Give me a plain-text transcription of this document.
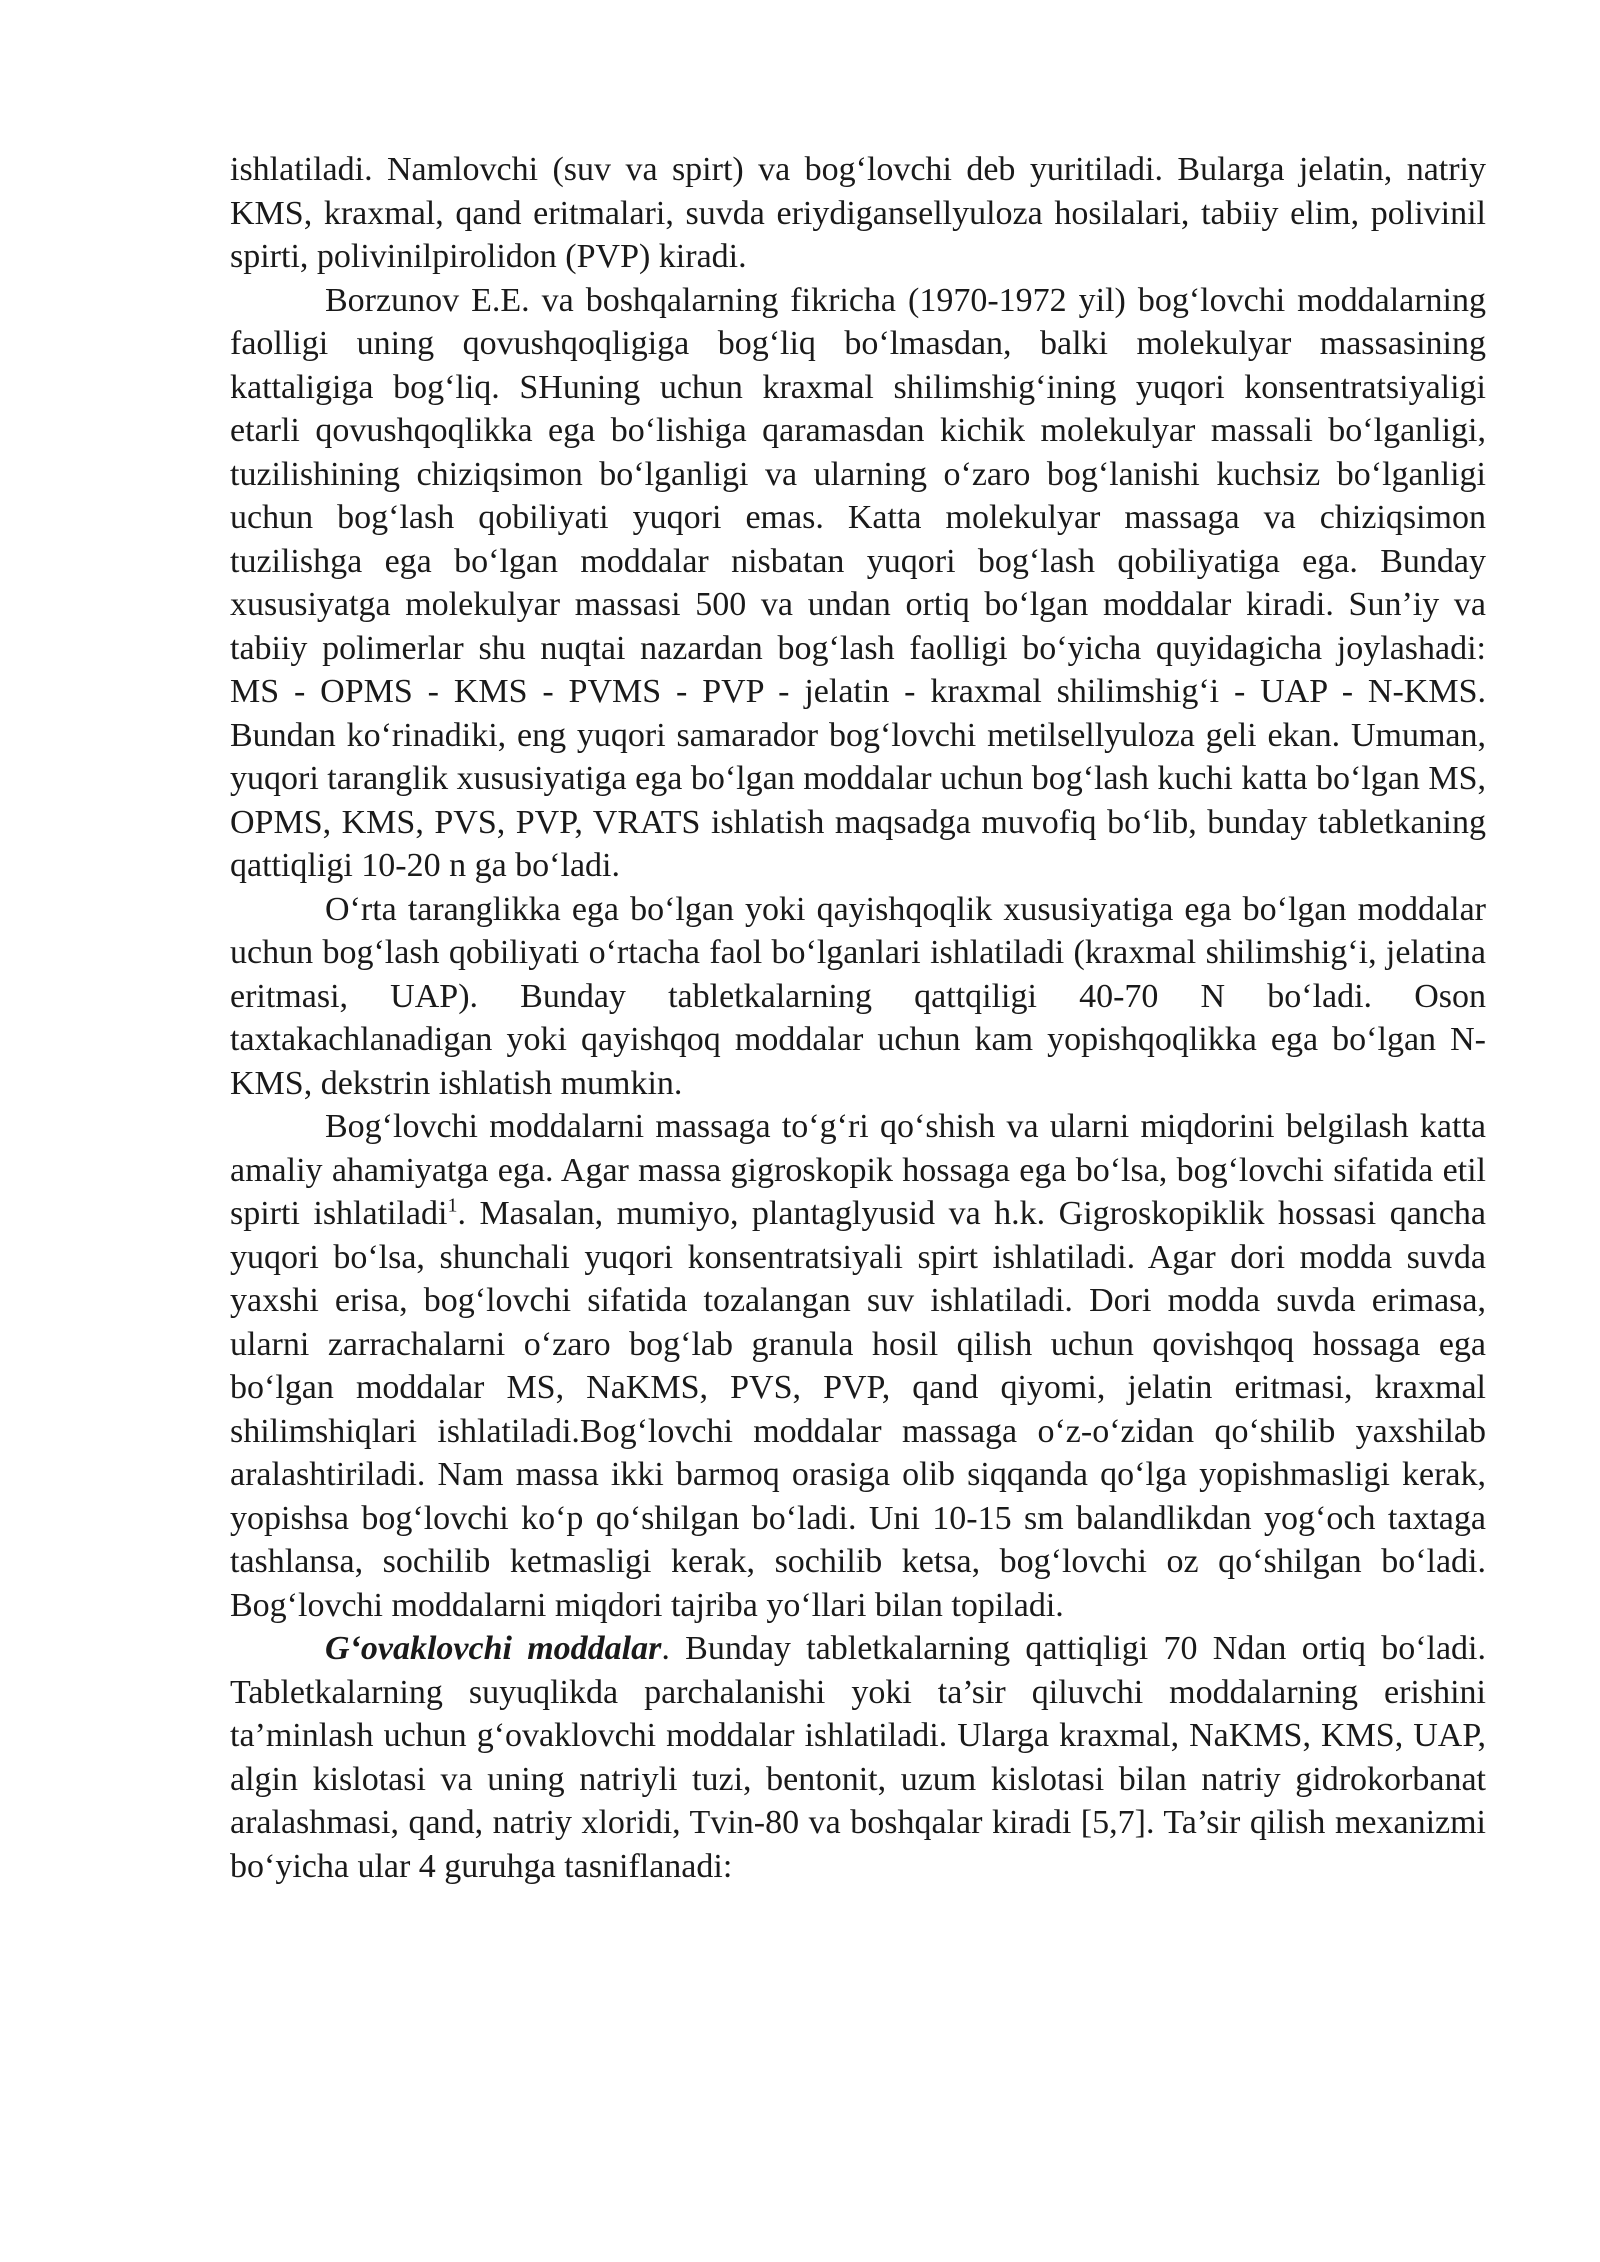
ishlatiladi. Namlovchi (suv va spirt) va bog‘lovchi deb yuritiladi. Bularga jelatin, natriy KMS, kraxmal, qand eritmalari, suvda eriydigansellyuloza hosilalari, tabiiy elim, polivinil spirti, polivinilpirolidon (PVP) kiradi.

Borzunov E.E. va boshqalarning fikricha (1970-1972 yil) bog‘lovchi moddalarning faolligi uning qovushqoqligiga bog‘liq bo‘lmasdan, balki molekulyar massasining kattaligiga bog‘liq. SHuning uchun kraxmal shilimshig‘ining yuqori konsentratsiyaligi etarli qovushqoqlikka ega bo‘lishiga qaramasdan kichik molekulyar massali bo‘lganligi, tuzilishining chiziqsimon bo‘lganligi va ularning o‘zaro bog‘lanishi kuchsiz bo‘lganligi uchun bog‘lash qobiliyati yuqori emas. Katta molekulyar massaga va chiziqsimon tuzilishga ega bo‘lgan moddalar nisbatan yuqori bog‘lash qobiliyatiga ega. Bunday xususiyatga molekulyar massasi 500 va undan ortiq bo‘lgan moddalar kiradi. Sun’iy va tabiiy polimerlar shu nuqtai nazardan bog‘lash faolligi bo‘yicha quyidagicha joylashadi: MS - OPMS - KMS - PVMS - PVP - jelatin - kraxmal shilimshig‘i - UAP - N-KMS. Bundan ko‘rinadiki, eng yuqori samarador bog‘lovchi metilsellyuloza geli ekan. Umuman, yuqori taranglik xususiyatiga ega bo‘lgan moddalar uchun bog‘lash kuchi katta bo‘lgan MS, OPMS, KMS, PVS, PVP, VRATS ishlatish maqsadga muvofiq bo‘lib, bunday tabletkaning qattiqligi 10-20 n ga bo‘ladi.

O‘rta taranglikka ega bo‘lgan yoki qayishqoqlik xususiyatiga ega bo‘lgan moddalar uchun bog‘lash qobiliyati o‘rtacha faol bo‘lganlari ishlatiladi (kraxmal shilimshig‘i, jelatina eritmasi, UAP). Bunday tabletkalarning qattqiligi 40-70 N bo‘ladi. Oson taxtakachlanadigan yoki qayishqoq moddalar uchun kam yopishqoqlikka ega bo‘lgan N-KMS, dekstrin ishlatish mumkin.

Bog‘lovchi moddalarni massaga to‘g‘ri qo‘shish va ularni miqdorini belgilash katta amaliy ahamiyatga ega. Agar massa gigroskopik hossaga ega bo‘lsa, bog‘lovchi sifatida etil spirti ishlatiladi$^1$. Masalan, mumiyo, plantaglyusid va h.k. Gigroskopiklik hossasi qancha yuqori bo‘lsa, shunchali yuqori konsentratsiyali spirt ishlatiladi. Agar dori modda suvda yaxshi erisa, bog‘lovchi sifatida tozalangan suv ishlatiladi. Dori modda suvda erimasa, ularni zarrachalarni o‘zaro bog‘lab granula hosil qilish uchun qovishqoq hossaga ega bo‘lgan moddalar MS, NaKMS, PVS, PVP, qand qiyomi, jelatin eritmasi, kraxmal shilimshiqlari ishlatiladi.Bog‘lovchi moddalar massaga o‘z-o‘zidan qo‘shilib yaxshilab aralashtiriladi. Nam massa ikki barmoq orasiga olib siqqanda qo‘lga yopishmasligi kerak, yopishsa bog‘lovchi ko‘p qo‘shilgan bo‘ladi. Uni 10-15 sm balandlikdan yog‘och taxtaga tashlansa, sochilib ketmasligi kerak, sochilib ketsa, bog‘lovchi oz qo‘shilgan bo‘ladi. Bog‘lovchi moddalarni miqdori tajriba yo‘llari bilan topiladi.

G‘ovaklovchi moddalar. Bunday tabletkalarning qattiqligi 70 Ndan ortiq bo‘ladi. Tabletkalarning suyuqlikda parchalanishi yoki ta’sir qiluvchi moddalarning erishini ta’minlash uchun g‘ovaklovchi moddalar ishlatiladi. Ularga kraxmal, NaKMS, KMS, UAP, algin kislotasi va uning natriyli tuzi, bentonit, uzum kislotasi bilan natriy gidrokorbanat aralashmasi, qand, natriy xloridi, Tvin-80 va boshqalar kiradi [5,7]. Ta’sir qilish mexanizmi bo‘yicha ular 4 guruhga tasniflanadi:
